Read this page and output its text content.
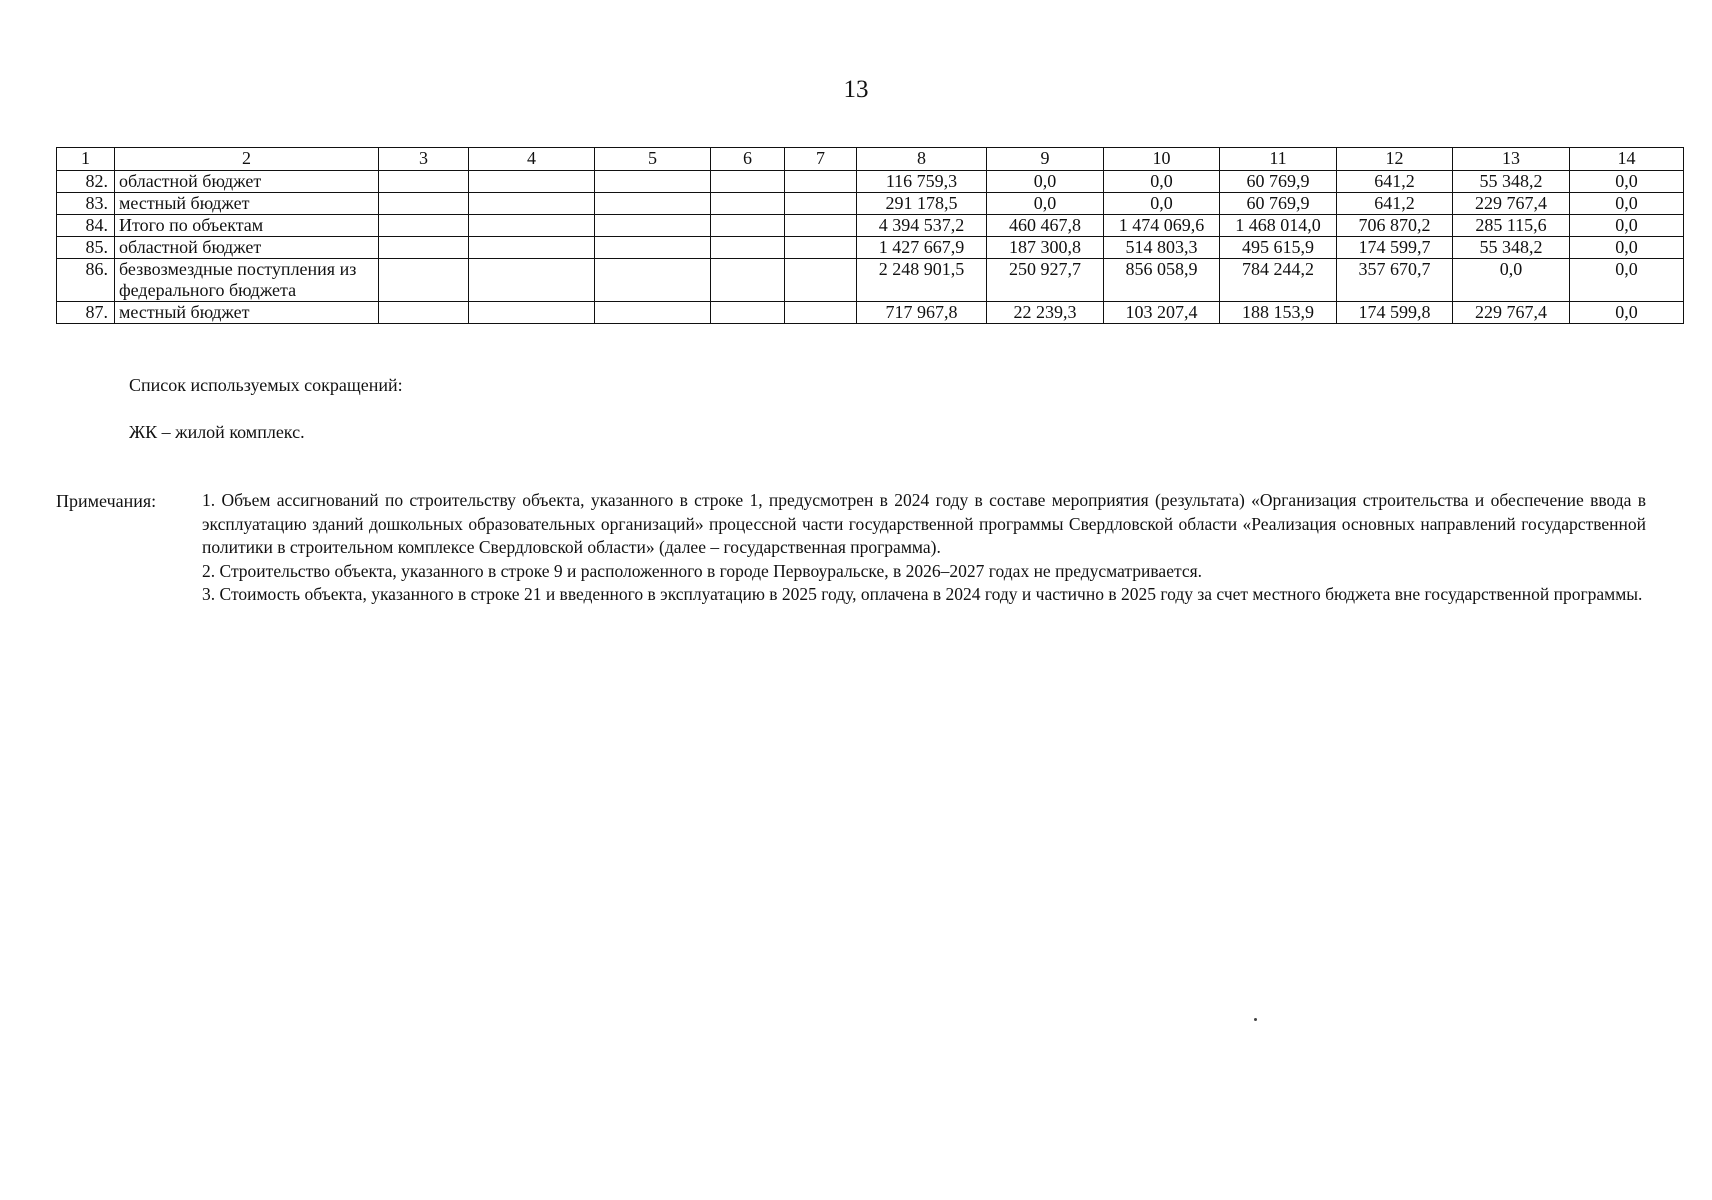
13
1	2	3	4	5	6	7	8	9	10	11	12	13	14
82.	областной бюджет						116 759,3	0,0	0,0	60 769,9	641,2	55 348,2	0,0
83.	местный бюджет						291 178,5	0,0	0,0	60 769,9	641,2	229 767,4	0,0
84.	Итого по объектам						4 394 537,2	460 467,8	1 474 069,6	1 468 014,0	706 870,2	285 115,6	0,0
85.	областной бюджет						1 427 667,9	187 300,8	514 803,3	495 615,9	174 599,7	55 348,2	0,0
86.	безвозмездные поступления из федерального бюджета						2 248 901,5	250 927,7	856 058,9	784 244,2	357 670,7	0,0	0,0
87.	местный бюджет						717 967,8	22 239,3	103 207,4	188 153,9	174 599,8	229 767,4	0,0
Список используемых сокращений:
ЖК – жилой комплекс.
Примечания:	1. Объем ассигнований по строительству объекта, указанного в строке 1, предусмотрен в 2024 году в составе мероприятия (результата) «Организация строительства и обеспечение ввода в эксплуатацию зданий дошкольных образовательных организаций» процессной части государственной программы Свердловской области «Реализация основных направлений государственной политики в строительном комплексе Свердловской области» (далее – государственная программа).

2. Строительство объекта, указанного в строке 9 и расположенного в городе Первоуральске, в 2026–2027 годах не предусматривается.

3. Стоимость объекта, указанного в строке 21 и введенного в эксплуатацию в 2025 году, оплачена в 2024 году и частично в 2025 году за счет местного бюджета вне государственной программы.
